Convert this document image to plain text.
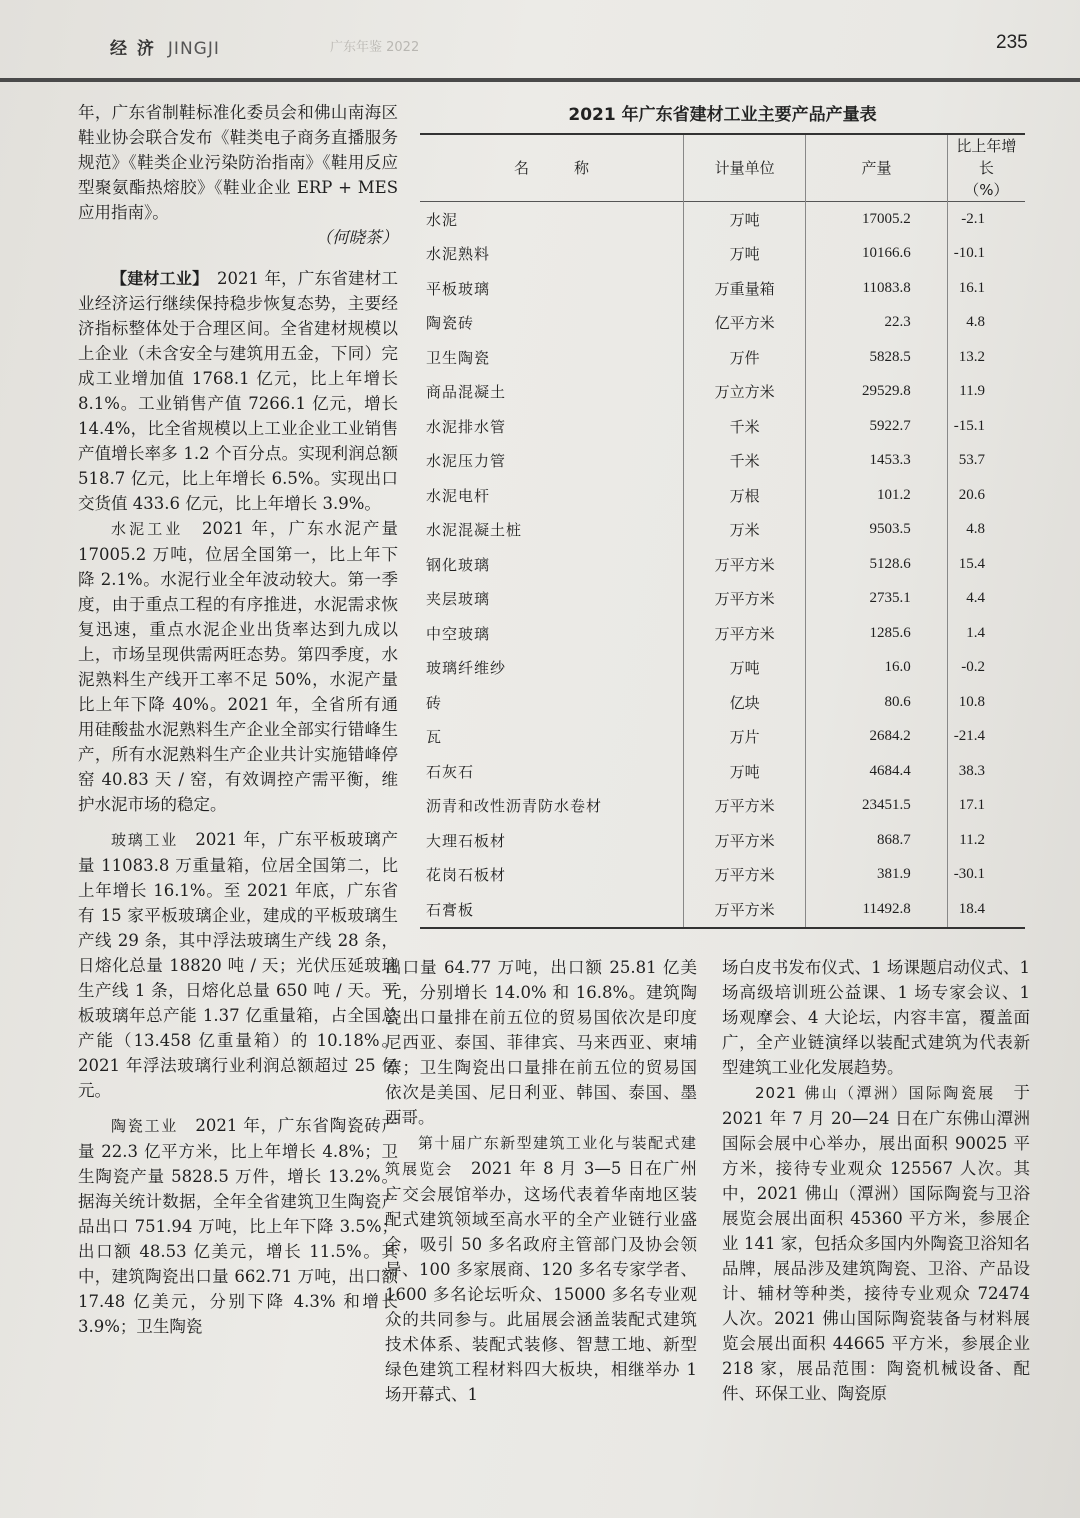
经 济 JINGJI	广东年鉴 2022	235

年，广东省制鞋标准化委员会和佛山南海区鞋业协会联合发布《鞋类电子商务直播服务规范》《鞋类企业污染防治指南》《鞋用反应型聚氨酯热熔胶》《鞋业企业 ERP + MES 应用指南》。

（何晓茶）

【建材工业】　 2021 年，广东省建材工业经济运行继续保持稳步恢复态势，主要经济指标整体处于合理区间。全省建材规模以上企业（未含安全与建筑用五金，下同）完成工业增加值 1768.1 亿元，比上年增长 8.1%。工业销售产值 7266.1 亿元，增长 14.4%，比全省规模以上工业企业工业销售产值增长率多 1.2 个百分点。实现利润总额 518.7 亿元，比上年增长 6.5%。实现出口交货值 433.6 亿元，比上年增长 3.9%。

水泥工业　 2021 年，广东水泥产量 17005.2 万吨，位居全国第一，比上年下降 2.1%。水泥行业全年波动较大。第一季度，由于重点工程的有序推进，水泥需求恢复迅速，重点水泥企业出货率达到九成以上，市场呈现供需两旺态势。第四季度，水泥熟料生产线开工率不足 50%，水泥产量比上年下降 40%。2021 年，全省所有通用硅酸盐水泥熟料生产企业全部实行错峰生产，所有水泥熟料生产企业共计实施错峰停窑 40.83 天 / 窑，有效调控产需平衡，维护水泥市场的稳定。

玻璃工业　 2021 年，广东平板玻璃产量 11083.8 万重量箱，位居全国第二，比上年增长 16.1%。至 2021 年底，广东省有 15 家平板玻璃企业，建成的平板玻璃生产线 29 条，其中浮法玻璃生产线 28 条，日熔化总量 18820 吨 / 天；光伏压延玻璃生产线 1 条，日熔化总量 650 吨 / 天。平板玻璃年总产能 1.37 亿重量箱，占全国总产能（13.458 亿重量箱）的 10.18%。2021 年浮法玻璃行业利润总额超过 25 亿元。

陶瓷工业　 2021 年，广东省陶瓷砖产量 22.3 亿平方米，比上年增长 4.8%；卫生陶瓷产量 5828.5 万件，增长 13.2%。据海关统计数据，全年全省建筑卫生陶瓷产品出口 751.94 万吨，比上年下降 3.5%；出口额 48.53 亿美元，增长 11.5%。其中，建筑陶瓷出口量 662.71 万吨，出口额 17.48 亿美元，分别下降 4.3% 和增长 3.9%；卫生陶瓷

2021 年广东省建材工业主要产品产量表
名　　　称	计量单位	产量	比上年增长
（%）
水泥	万吨	17005.2	-2.1
水泥熟料	万吨	10166.6	-10.1
平板玻璃	万重量箱	11083.8	16.1
陶瓷砖	亿平方米	22.3	4.8
卫生陶瓷	万件	5828.5	13.2
商品混凝土	万立方米	29529.8	11.9
水泥排水管	千米	5922.7	-15.1
水泥压力管	千米	1453.3	53.7
水泥电杆	万根	101.2	20.6
水泥混凝土桩	万米	9503.5	4.8
钢化玻璃	万平方米	5128.6	15.4
夹层玻璃	万平方米	2735.1	4.4
中空玻璃	万平方米	1285.6	1.4
玻璃纤维纱	万吨	16.0	-0.2
砖	亿块	80.6	10.8
瓦	万片	2684.2	-21.4
石灰石	万吨	4684.4	38.3
沥青和改性沥青防水卷材	万平方米	23451.5	17.1
大理石板材	万平方米	868.7	11.2
花岗石板材	万平方米	381.9	-30.1
石膏板	万平方米	11492.8	18.4

出口量 64.77 万吨，出口额 25.81 亿美元，分别增长 14.0% 和 16.8%。建筑陶瓷出口量排在前五位的贸易国依次是印度尼西亚、泰国、菲律宾、马来西亚、柬埔寨；卫生陶瓷出口量排在前五位的贸易国依次是美国、尼日利亚、韩国、泰国、墨西哥。

第十届广东新型建筑工业化与装配式建筑展览会　 2021 年 8 月 3—5 日在广州广交会展馆举办，这场代表着华南地区装配式建筑领域至高水平的全产业链行业盛会，吸引 50 多名政府主管部门及协会领导、100 多家展商、120 多名专家学者、1600 多名论坛听众、15000 多名专业观众的共同参与。此届展会涵盖装配式建筑技术体系、装配式装修、智慧工地、新型绿色建筑工程材料四大板块，相继举办 1 场开幕式、1

场白皮书发布仪式、1 场课题启动仪式、1 场高级培训班公益课、1 场专家会议、1 场观摩会、4 大论坛，内容丰富，覆盖面广，全产业链演绎以装配式建筑为代表新型建筑工业化发展趋势。

2021 佛山（潭洲）国际陶瓷展　 于 2021 年 7 月 20—24 日在广东佛山潭洲国际会展中心举办，展出面积 90025 平方米，接待专业观众 125567 人次。其中，2021 佛山（潭洲）国际陶瓷与卫浴展览会展出面积 45360 平方米，参展企业 141 家，包括众多国内外陶瓷卫浴知名品牌，展品涉及建筑陶瓷、卫浴、产品设计、辅材等种类，接待专业观众 72474 人次。2021 佛山国际陶瓷装备与材料展览会展出面积 44665 平方米，参展企业 218 家，展品范围：陶瓷机械设备、配件、环保工业、陶瓷原
